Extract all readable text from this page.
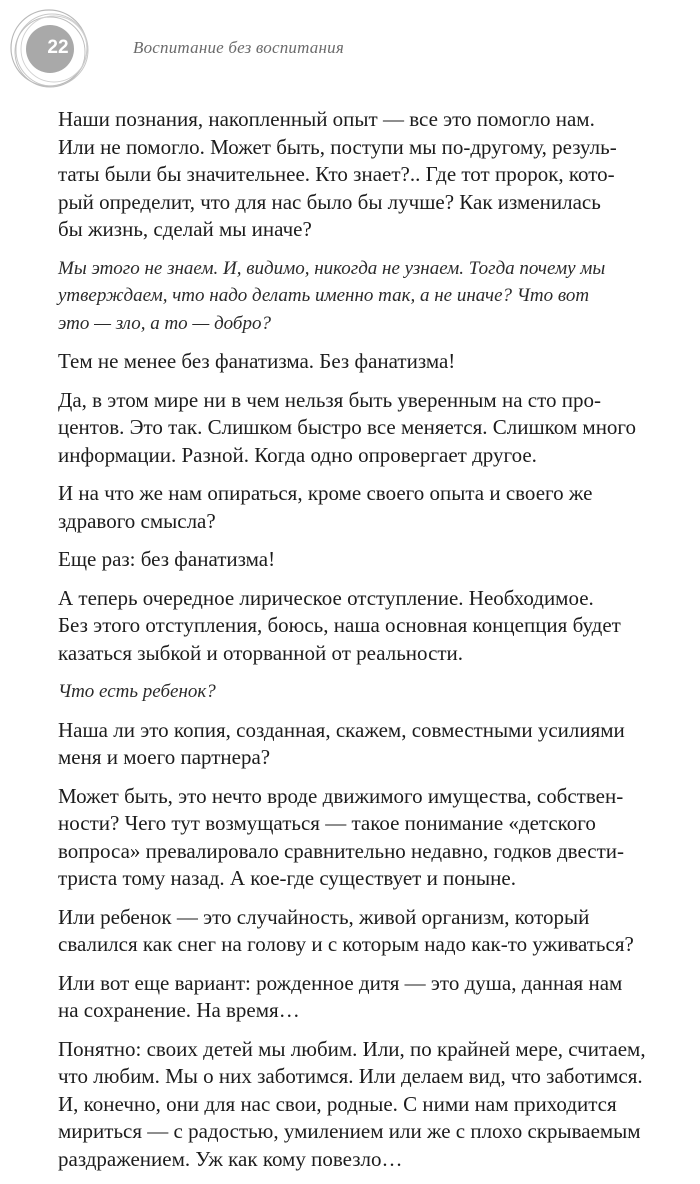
22	Воспитание без воспитания

Наши познания, накопленный опыт — все это помогло нам.
Или не помогло. Может быть, поступи мы по-другому, резуль-
таты были бы значительнее. Кто знает?.. Где тот пророк, кото-
рый определит, что для нас было бы лучше? Как изменилась
бы жизнь, сделай мы иначе?

Мы этого не знаем. И, видимо, никогда не узнаем. Тогда почему мы
утверждаем, что надо делать именно так, а не иначе? Что вот
это — зло, а то — добро?

Тем не менее без фанатизма. Без фанатизма!

Да, в этом мире ни в чем нельзя быть уверенным на сто про-
центов. Это так. Слишком быстро все меняется. Слишком много
информации. Разной. Когда одно опровергает другое.

И на что же нам опираться, кроме своего опыта и своего же
здравого смысла?

Еще раз: без фанатизма!

А теперь очередное лирическое отступление. Необходимое.
Без этого отступления, боюсь, наша основная концепция будет
казаться зыбкой и оторванной от реальности.

Что есть ребенок?

Наша ли это копия, созданная, скажем, совместными усилиями
меня и моего партнера?

Может быть, это нечто вроде движимого имущества, собствен-
ности? Чего тут возмущаться — такое понимание «детского
вопроса» превалировало сравнительно недавно, годков двести-
триста тому назад. А кое-где существует и поныне.

Или ребенок — это случайность, живой организм, который
свалился как снег на голову и с которым надо как-то уживаться?

Или вот еще вариант: рожденное дитя — это душа, данная нам
на сохранение. На время…

Понятно: своих детей мы любим. Или, по крайней мере, считаем,
что любим. Мы о них заботимся. Или делаем вид, что заботимся.
И, конечно, они для нас свои, родные. С ними нам приходится
мириться — с радостью, умилением или же с плохо скрываемым
раздражением. Уж как кому повезло…
